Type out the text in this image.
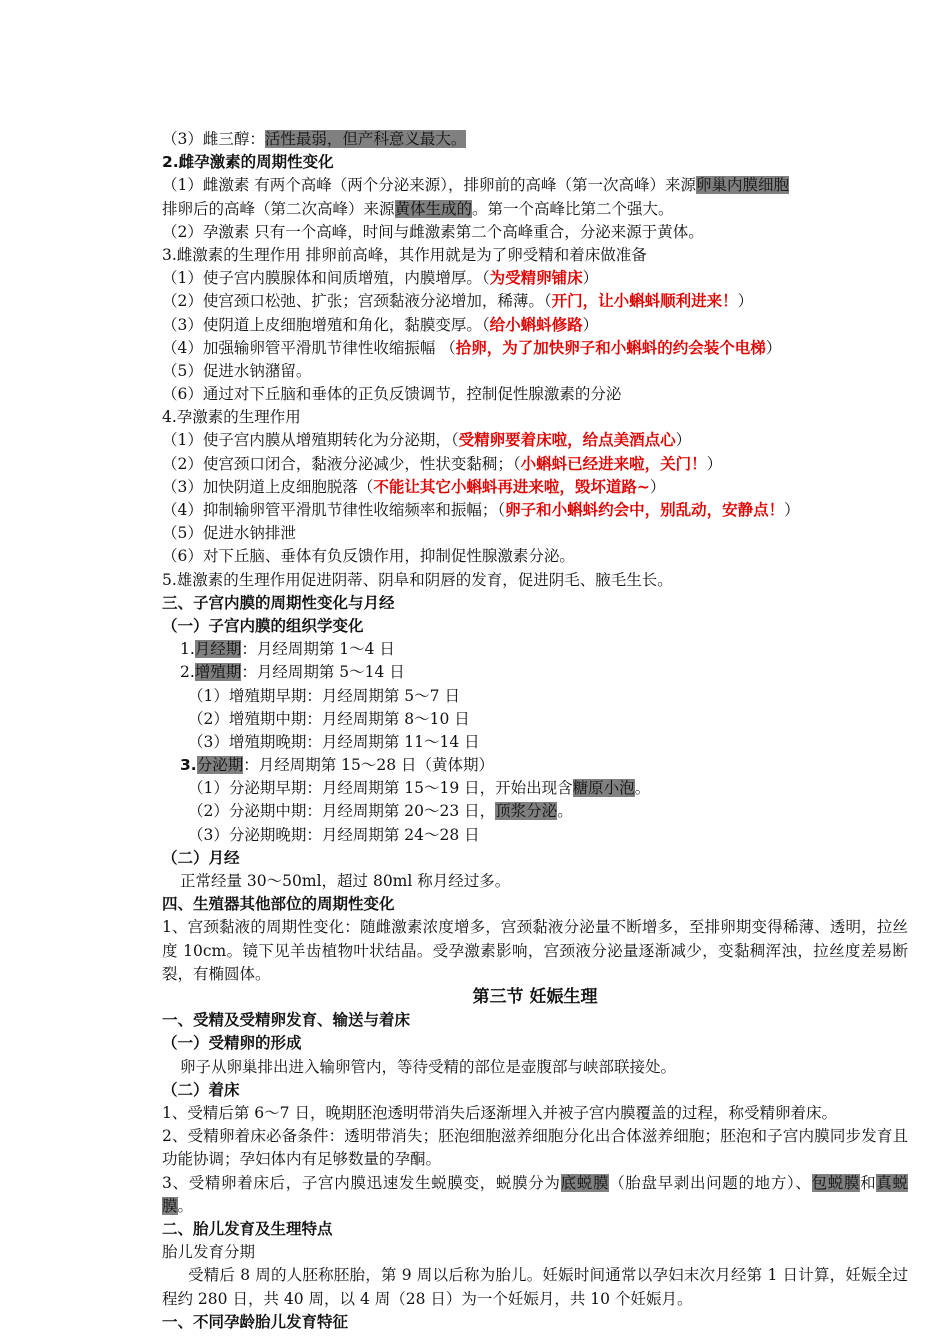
（3）雌三醇：活性最弱，但产科意义最大。
2.雌孕激素的周期性变化
（1）雌激素 有两个高峰（两个分泌来源），排卵前的高峰（第一次高峰）来源卵巢内膜细胞
排卵后的高峰（第二次高峰）来源黄体生成的。第一个高峰比第二个强大。
（2）孕激素 只有一个高峰，时间与雌激素第二个高峰重合，分泌来源于黄体。
3.雌激素的生理作用 排卵前高峰，其作用就是为了卵受精和着床做准备
（1）使子宫内膜腺体和间质增殖，内膜增厚。（为受精卵铺床）
（2）使宫颈口松弛、扩张；宫颈黏液分泌增加，稀薄。（开门，让小蝌蚪顺利进来！）
（3）使阴道上皮细胞增殖和角化，黏膜变厚。（给小蝌蚪修路）
（4）加强输卵管平滑肌节律性收缩振幅 （拾卵，为了加快卵子和小蝌蚪的约会装个电梯）
（5）促进水钠潴留。
（6）通过对下丘脑和垂体的正负反馈调节，控制促性腺激素的分泌
4.孕激素的生理作用
（1）使子宫内膜从增殖期转化为分泌期，（受精卵要着床啦，给点美酒点心）
（2）使宫颈口闭合，黏液分泌减少，性状变黏稠；（小蝌蚪已经进来啦，关门！）
（3）加快阴道上皮细胞脱落（不能让其它小蝌蚪再进来啦，毁坏道路~）
（4）抑制输卵管平滑肌节律性收缩频率和振幅；（卵子和小蝌蚪约会中，别乱动，安静点！）
（5）促进水钠排泄
（6）对下丘脑、垂体有负反馈作用，抑制促性腺激素分泌。
5.雄激素的生理作用促进阴蒂、阴阜和阴唇的发育，促进阴毛、腋毛生长。
三、子宫内膜的周期性变化与月经
（一）子宫内膜的组织学变化
1.月经期：月经周期第 1～4 日
2.增殖期：月经周期第 5～14 日
（1）增殖期早期：月经周期第 5～7 日
（2）增殖期中期：月经周期第 8～10 日
（3）增殖期晚期：月经周期第 11～14 日
3.分泌期：月经周期第 15～28 日（黄体期）
（1）分泌期早期：月经周期第 15～19 日，开始出现含糖原小泡。
（2）分泌期中期：月经周期第 20～23 日，顶浆分泌。
（3）分泌期晚期：月经周期第 24～28 日
（二）月经
正常经量 30～50ml，超过 80ml 称月经过多。
四、生殖器其他部位的周期性变化
1、宫颈黏液的周期性变化：随雌激素浓度增多，宫颈黏液分泌量不断增多，至排卵期变得稀薄、透明，拉丝度 10cm。镜下见羊齿植物叶状结晶。受孕激素影响，宫颈液分泌量逐渐减少，变黏稠浑浊，拉丝度差易断裂，有椭圆体。
第三节 妊娠生理
一、受精及受精卵发育、输送与着床
（一）受精卵的形成
卵子从卵巢排出进入输卵管内，等待受精的部位是壶腹部与峡部联接处。
（二）着床
1、受精后第 6～7 日，晚期胚泡透明带消失后逐渐埋入并被子宫内膜覆盖的过程，称受精卵着床。
2、受精卵着床必备条件：透明带消失；胚泡细胞滋养细胞分化出合体滋养细胞；胚泡和子宫内膜同步发育且功能协调；孕妇体内有足够数量的孕酮。
3、受精卵着床后，子宫内膜迅速发生蜕膜变，蜕膜分为底蜕膜（胎盘早剥出问题的地方）、包蜕膜和真蜕膜。
二、胎儿发育及生理特点
胎儿发育分期
受精后 8 周的人胚称胚胎，第 9 周以后称为胎儿。妊娠时间通常以孕妇末次月经第 1 日计算，妊娠全过程约 280 日，共 40 周，以 4 周（28 日）为一个妊娠月，共 10 个妊娠月。
一、不同孕龄胎儿发育特征
